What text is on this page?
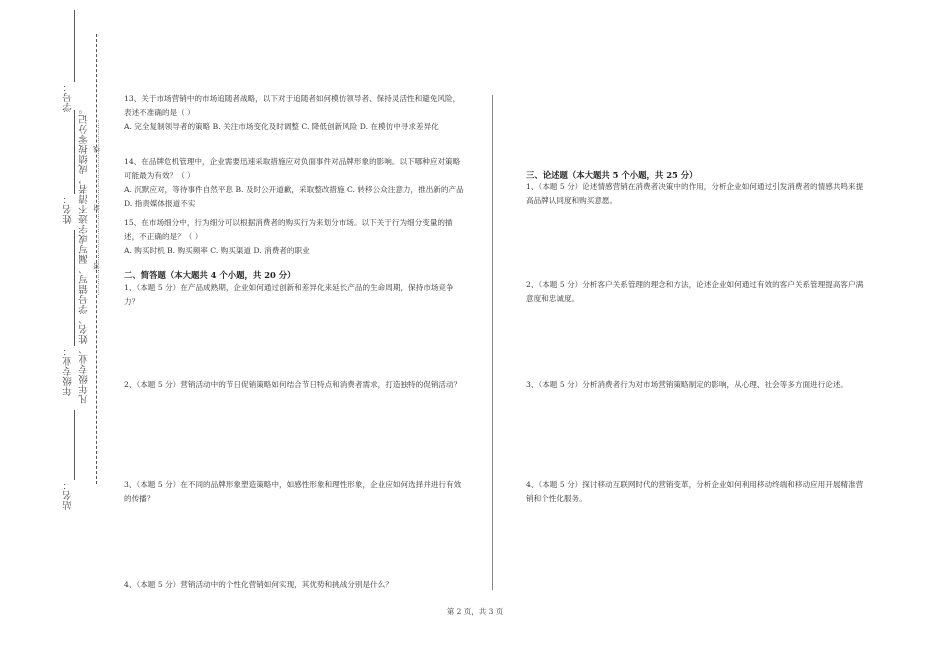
学号：
姓名：
年级专业：
站名：
凡年级专业、姓名、学号错写、漏写或字迹不清者，成绩按零分记。 …………密……………………封……………………线…………

13、关于市场营销中的市场追随者战略，以下对于追随者如何模仿领导者、保持灵活性和避免风险，表述不准确的是（ ）

A. 完全复制领导者的策略 B. 关注市场变化及时调整 C. 降低创新风险 D. 在模仿中寻求差异化

14、在品牌危机管理中，企业需要迅速采取措施应对负面事件对品牌形象的影响。以下哪种应对策略可能最为有效？（ ）

A. 沉默应对，等待事件自然平息 B. 及时公开道歉，采取整改措施 C. 转移公众注意力，推出新的产品 D. 指责媒体报道不实

15、在市场细分中，行为细分可以根据消费者的购买行为来划分市场。以下关于行为细分变量的描述，不正确的是？（ ）

A. 购买时机 B. 购买频率 C. 购买渠道 D. 消费者的职业

二、简答题（本大题共 4 个小题，共 20 分）

1、（本题 5 分）在产品成熟期，企业如何通过创新和差异化来延长产品的生命周期，保持市场竞争力？

2、（本题 5 分）营销活动中的节日促销策略如何结合节日特点和消费者需求，打造独特的促销活动？

3、（本题 5 分）在不同的品牌形象塑造策略中，如感性形象和理性形象，企业应如何选择并进行有效的传播？

4、（本题 5 分）营销活动中的个性化营销如何实现，其优势和挑战分别是什么？

三、论述题（本大题共 5 个小题，共 25 分）

1、（本题 5 分）论述情感营销在消费者决策中的作用，分析企业如何通过引发消费者的情感共鸣来提高品牌认同度和购买意愿。

2、（本题 5 分）分析客户关系管理的理念和方法，论述企业如何通过有效的客户关系管理提高客户满意度和忠诚度。

3、（本题 5 分）分析消费者行为对市场营销策略制定的影响，从心理、社会等多方面进行论述。

4、（本题 5 分）探讨移动互联网时代的营销变革，分析企业如何利用移动终端和移动应用开展精准营销和个性化服务。

第 2 页，共 3 页
